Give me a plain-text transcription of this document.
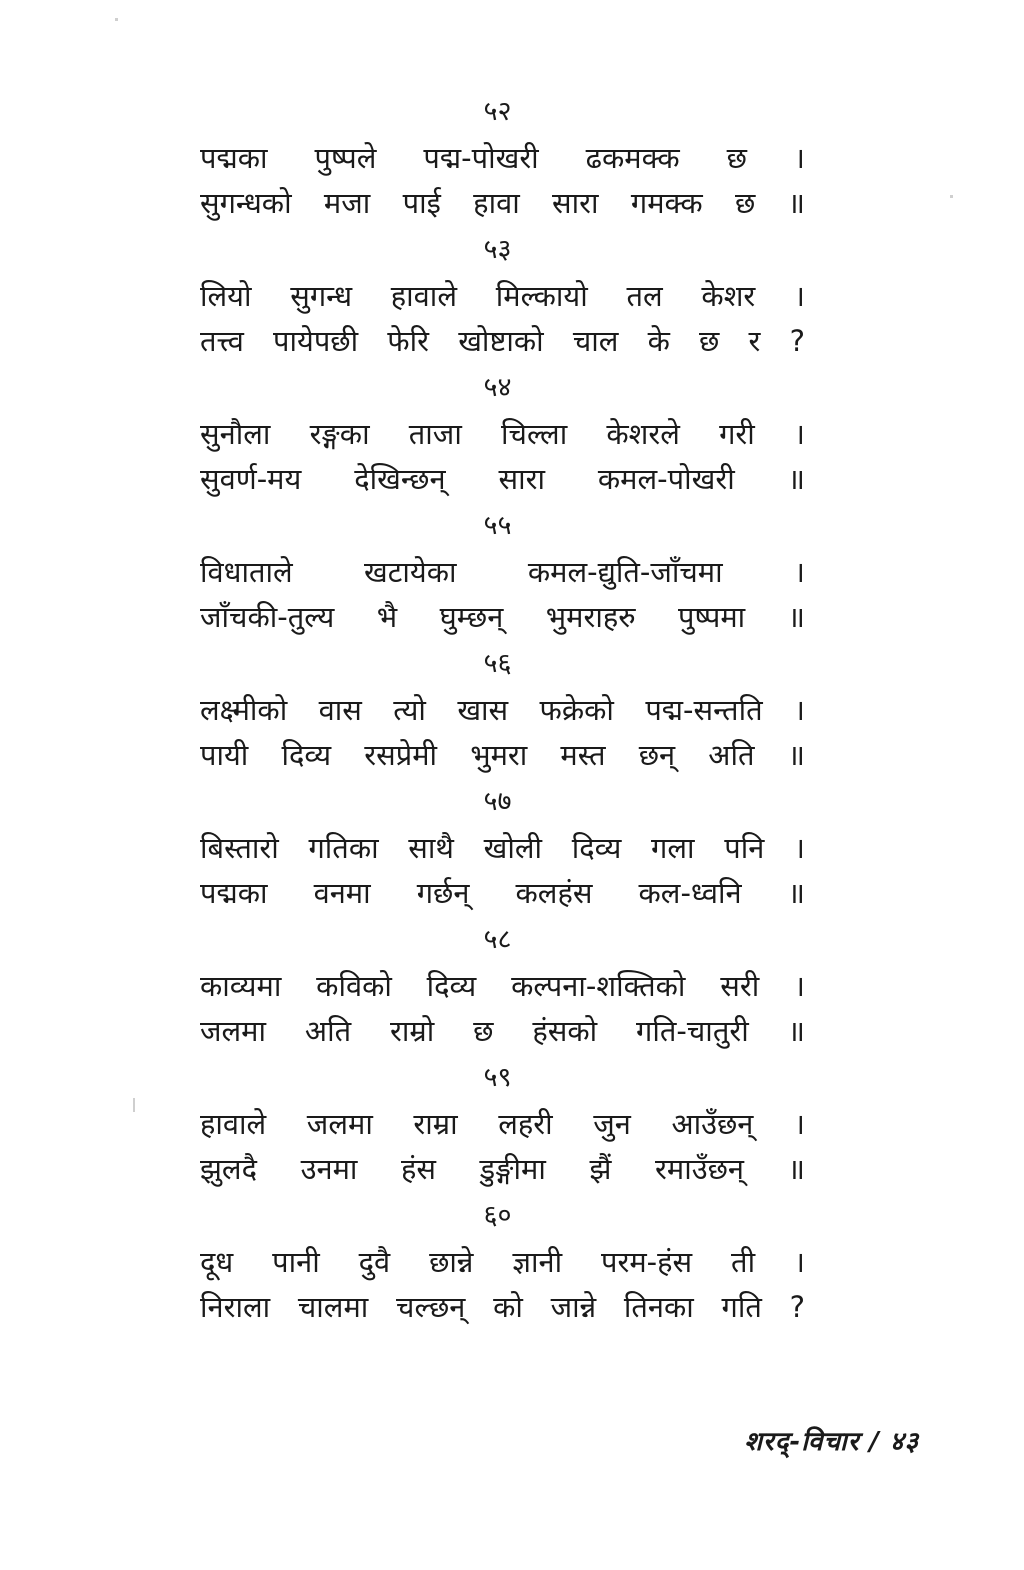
५२
पद्मका पुष्पले पद्म-पोखरी ढकमक्क छ ।
सुगन्धको मजा पाई हावा सारा गमक्क छ ॥
५३
लियो सुगन्ध हावाले मिल्कायो तल केशर ।
तत्त्व पायेपछी फेरि खोष्टाको चाल के छ र ?
५४
सुनौला रङ्गका ताजा चिल्ला केशरले गरी ।
सुवर्ण-मय देखिन्छन् सारा कमल-पोखरी ॥
५५
विधाताले खटायेका कमल-द्युति-जाँचमा ।
जाँचकी-तुल्य भै घुम्छन् भुमराहरु पुष्पमा ॥
५६
लक्ष्मीको वास त्यो खास फक्रेको पद्म-सन्तति ।
पायी दिव्य रसप्रेमी भुमरा मस्त छन् अति ॥
५७
बिस्तारो गतिका साथै खोली दिव्य गला पनि ।
पद्मका वनमा गर्छन् कलहंस कल-ध्वनि ॥
५८
काव्यमा कविको दिव्य कल्पना-शक्तिको सरी ।
जलमा अति राम्रो छ हंसको गति-चातुरी ॥
५९
हावाले जलमा राम्रा लहरी जुन आउँछन् ।
झुलदै उनमा हंस डुङ्गीमा झैं रमाउँछन् ॥
६०
दूध पानी दुवै छान्ने ज्ञानी परम-हंस ती ।
निराला चालमा चल्छन् को जान्ने तिनका गति ?
शरद्-विचार / ४३
